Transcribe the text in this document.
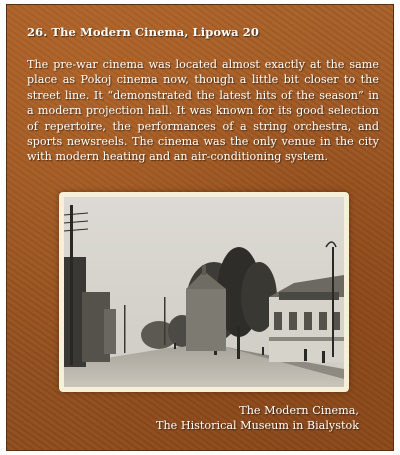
26. The Modern Cinema, Lipowa 20
The pre-war cinema was located almost exactly at the same place as Pokoj cinema now, though a little bit closer to the street line. It “demonstrated the latest hits of the season” in a modern projection hall. It was known for its good selection of repertoire, the performances of a string orchestra, and sports newsreels. The cinema was the only venue in the city with modern heating and an air-conditioning system.
The Modern Cinema,
The Historical Museum in Bialystok
